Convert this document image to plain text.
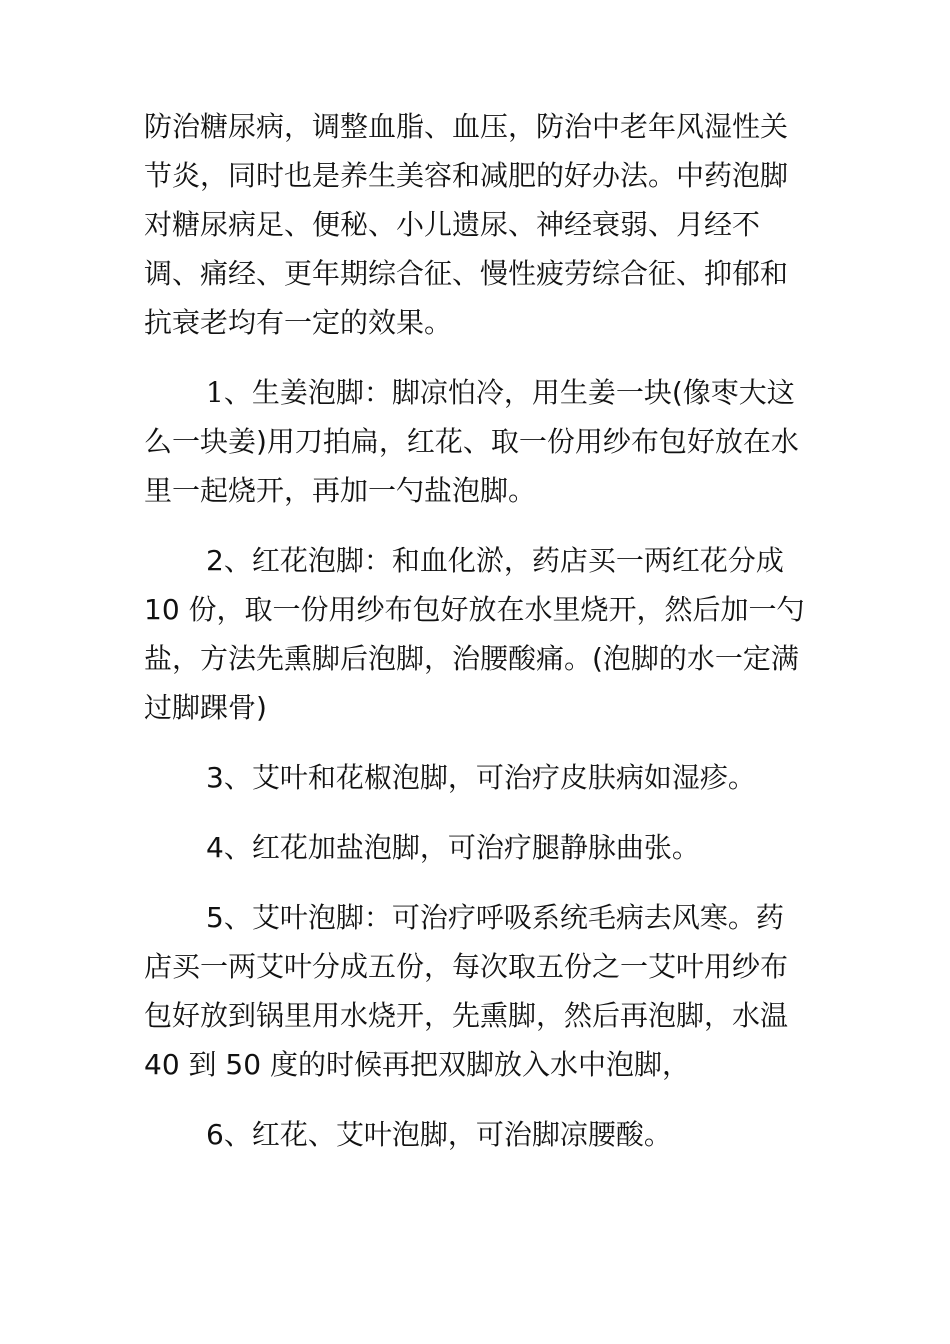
防治糖尿病，调整血脂、血压，防治中老年风湿性关节炎，同时也是养生美容和减肥的好办法。中药泡脚对糖尿病足、便秘、小儿遗尿、神经衰弱、月经不调、痛经、更年期综合征、慢性疲劳综合征、抑郁和抗衰老均有一定的效果。

1、生姜泡脚：脚凉怕冷，用生姜一块(像枣大这么一块姜)用刀拍扁，红花、取一份用纱布包好放在水里一起烧开，再加一勺盐泡脚。

2、红花泡脚：和血化淤，药店买一两红花分成 10 份，取一份用纱布包好放在水里烧开，然后加一勺盐，方法先熏脚后泡脚，治腰酸痛。(泡脚的水一定满过脚踝骨)

3、艾叶和花椒泡脚，可治疗皮肤病如湿疹。

4、红花加盐泡脚，可治疗腿静脉曲张。

5、艾叶泡脚：可治疗呼吸系统毛病去风寒。药店买一两艾叶分成五份，每次取五份之一艾叶用纱布包好放到锅里用水烧开，先熏脚，然后再泡脚，水温 40 到 50 度的时候再把双脚放入水中泡脚，

6、红花、艾叶泡脚，可治脚凉腰酸。
